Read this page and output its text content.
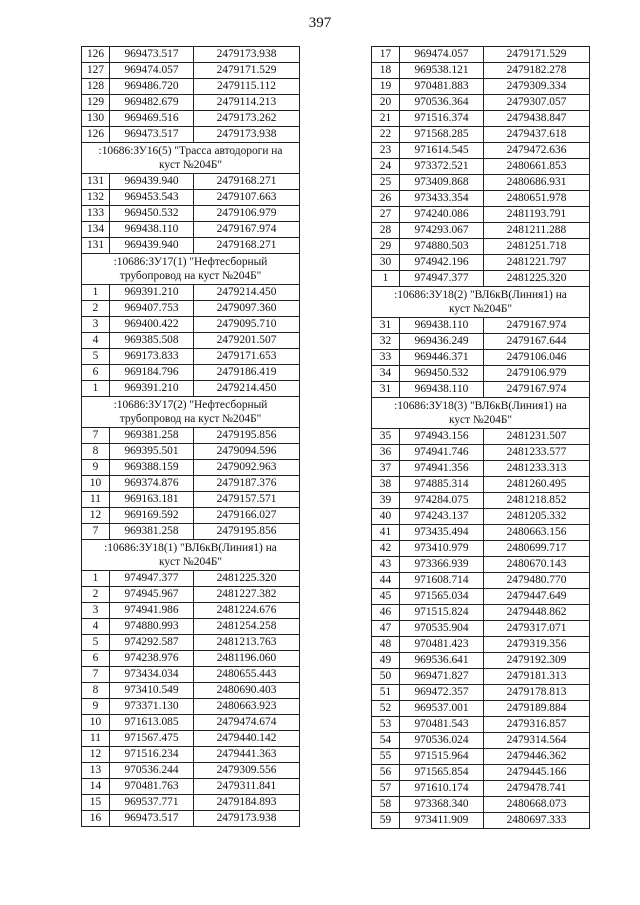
397
126	969473.517	2479173.938
127	969474.057	2479171.529
128	969486.720	2479115.112
129	969482.679	2479114.213
130	969469.516	2479173.262
126	969473.517	2479173.938

:10686:ЗУ16(5) "Трасса автодороги на
куст №204Б"		

131	969439.940	2479168.271
132	969453.543	2479107.663
133	969450.532	2479106.979
134	969438.110	2479167.974
131	969439.940	2479168.271

:10686:ЗУ17(1) "Нефтесборный
трубопровод на куст №204Б"		

1	969391.210	2479214.450
2	969407.753	2479097.360
3	969400.422	2479095.710
4	969385.508	2479201.507
5	969173.833	2479171.653
6	969184.796	2479186.419
1	969391.210	2479214.450

:10686:ЗУ17(2) "Нефтесборный
трубопровод на куст №204Б"		

7	969381.258	2479195.856
8	969395.501	2479094.596
9	969388.159	2479092.963
10	969374.876	2479187.376
11	969163.181	2479157.571
12	969169.592	2479166.027
7	969381.258	2479195.856

:10686:ЗУ18(1) "ВЛ6кВ(Линия1) на
куст №204Б"		

1	974947.377	2481225.320
2	974945.967	2481227.382
3	974941.986	2481224.676
4	974880.993	2481254.258
5	974292.587	2481213.763
6	974238.976	2481196.060
7	973434.034	2480655.443
8	973410.549	2480690.403
9	973371.130	2480663.923
10	971613.085	2479474.674
11	971567.475	2479440.142
12	971516.234	2479441.363
13	970536.244	2479309.556
14	970481.763	2479311.841
15	969537.771	2479184.893
16	969473.517	2479173.938
17	969474.057	2479171.529
18	969538.121	2479182.278
19	970481.883	2479309.334
20	970536.364	2479307.057
21	971516.374	2479438.847
22	971568.285	2479437.618
23	971614.545	2479472.636
24	973372.521	2480661.853
25	973409.868	2480686.931
26	973433.354	2480651.978
27	974240.086	2481193.791
28	974293.067	2481211.288
29	974880.503	2481251.718
30	974942.196	2481221.797
1	974947.377	2481225.320

:10686:ЗУ18(2) "ВЛ6кВ(Линия1) на
куст №204Б"		

31	969438.110	2479167.974
32	969436.249	2479167.644
33	969446.371	2479106.046
34	969450.532	2479106.979
31	969438.110	2479167.974

:10686:ЗУ18(3) "ВЛ6кВ(Линия1) на
куст №204Б"		

35	974943.156	2481231.507
36	974941.746	2481233.577
37	974941.356	2481233.313
38	974885.314	2481260.495
39	974284.075	2481218.852
40	974243.137	2481205.332
41	973435.494	2480663.156
42	973410.979	2480699.717
43	973366.939	2480670.143
44	971608.714	2479480.770
45	971565.034	2479447.649
46	971515.824	2479448.862
47	970535.904	2479317.071
48	970481.423	2479319.356
49	969536.641	2479192.309
50	969471.827	2479181.313
51	969472.357	2479178.813
52	969537.001	2479189.884
53	970481.543	2479316.857
54	970536.024	2479314.564
55	971515.964	2479446.362
56	971565.854	2479445.166
57	971610.174	2479478.741
58	973368.340	2480668.073
59	973411.909	2480697.333
